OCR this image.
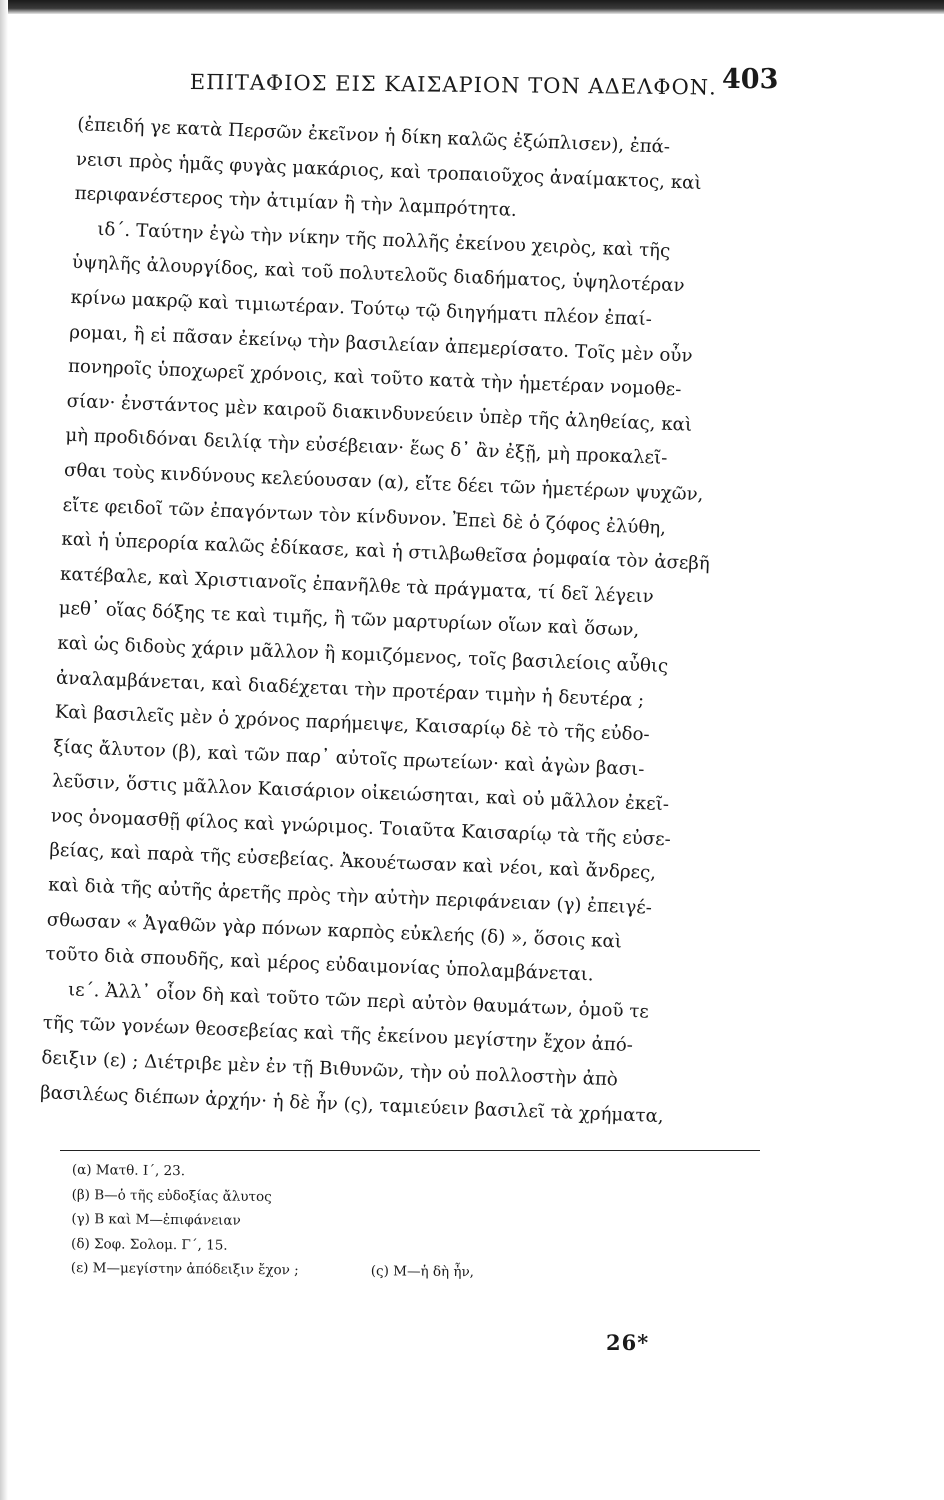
ΕΠΙΤΑΦΙΟΣ ΕΙΣ ΚΑΙΣΑΡΙΟΝ ΤΟΝ ΑΔΕΛΦΟΝ. 403
(ἐπειδή γε κατὰ Περσῶν ἐκεῖνον ἡ δίκη καλῶς ἐξώπλισεν), ἐπά-
νεισι πρὸς ἡμᾶς φυγὰς μακάριος, καὶ τροπαιοῦχος ἀναίμακτος, καὶ
περιφανέστερος τὴν ἀτιμίαν ἢ τὴν λαμπρότητα.
ιδ΄. Ταύτην ἐγὼ τὴν νίκην τῆς πολλῆς ἐκείνου χειρὸς, καὶ τῆς
ὑψηλῆς ἀλουργίδος, καὶ τοῦ πολυτελοῦς διαδήματος, ὑψηλοτέραν
κρίνω μακρῷ καὶ τιμιωτέραν. Τούτῳ τῷ διηγήματι πλέον ἐπαί-
ρομαι, ἢ εἰ πᾶσαν ἐκείνῳ τὴν βασιλείαν ἀπεμερίσατο. Τοῖς μὲν οὖν
πονηροῖς ὑποχωρεῖ χρόνοις, καὶ τοῦτο κατὰ τὴν ἡμετέραν νομοθε-
σίαν· ἐνστάντος μὲν καιροῦ διακινδυνεύειν ὑπὲρ τῆς ἀληθείας, καὶ
μὴ προδιδόναι δειλίᾳ τὴν εὐσέβειαν· ἕως δ᾽ ἂν ἐξῇ, μὴ προκαλεῖ-
σθαι τοὺς κινδύνους κελεύουσαν (α), εἴτε δέει τῶν ἡμετέρων ψυχῶν,
εἴτε φειδοῖ τῶν ἐπαγόντων τὸν κίνδυνον. Ἐπεὶ δὲ ὁ ζόφος ἐλύθη,
καὶ ἡ ὑπερορία καλῶς ἐδίκασε, καὶ ἡ στιλβωθεῖσα ῥομφαία τὸν ἀσεβῆ
κατέβαλε, καὶ Χριστιανοῖς ἐπανῆλθε τὰ πράγματα, τί δεῖ λέγειν
μεθ᾽ οἵας δόξης τε καὶ τιμῆς, ἢ τῶν μαρτυρίων οἵων καὶ ὅσων,
καὶ ὡς διδοὺς χάριν μᾶλλον ἢ κομιζόμενος, τοῖς βασιλείοις αὖθις
ἀναλαμβάνεται, καὶ διαδέχεται τὴν προτέραν τιμὴν ἡ δευτέρα ;
Καὶ βασιλεῖς μὲν ὁ χρόνος παρήμειψε, Καισαρίῳ δὲ τὸ τῆς εὐδο-
ξίας ἄλυτον (β), καὶ τῶν παρ᾽ αὐτοῖς πρωτείων· καὶ ἀγὼν βασι-
λεῦσιν, ὅστις μᾶλλον Καισάριον οἰκειώσηται, καὶ οὐ μᾶλλον ἐκεῖ-
νος ὀνομασθῇ φίλος καὶ γνώριμος. Τοιαῦτα Καισαρίῳ τὰ τῆς εὐσε-
βείας, καὶ παρὰ τῆς εὐσεβείας. Ἀκουέτωσαν καὶ νέοι, καὶ ἄνδρες,
καὶ διὰ τῆς αὐτῆς ἀρετῆς πρὸς τὴν αὐτὴν περιφάνειαν (γ) ἐπειγέ-
σθωσαν « Ἀγαθῶν γὰρ πόνων καρπὸς εὐκλεής (δ) », ὅσοις καὶ
τοῦτο διὰ σπουδῆς, καὶ μέρος εὐδαιμονίας ὑπολαμβάνεται.
ιε΄. Ἀλλ᾽ οἷον δὴ καὶ τοῦτο τῶν περὶ αὐτὸν θαυμάτων, ὁμοῦ τε
τῆς τῶν γονέων θεοσεβείας καὶ τῆς ἐκείνου μεγίστην ἔχον ἀπό-
δειξιν (ε) ; Διέτριβε μὲν ἐν τῇ Βιθυνῶν, τὴν οὐ πολλοστὴν ἀπὸ
βασιλέως διέπων ἀρχήν· ἡ δὲ ἦν (ς), ταμιεύειν βασιλεῖ τὰ χρήματα,
(α) Ματθ. Ι΄, 23.
(β) Β—ὁ τῆς εὐδοξίας ἄλυτος
(γ) Β καὶ Μ—ἐπιφάνειαν
(δ) Σοφ. Σολομ. Γ΄, 15.
(ε) Μ—μεγίστην ἀπόδειξιν ἔχον ;	(ς) Μ—ἡ δὴ ἦν,
26*
